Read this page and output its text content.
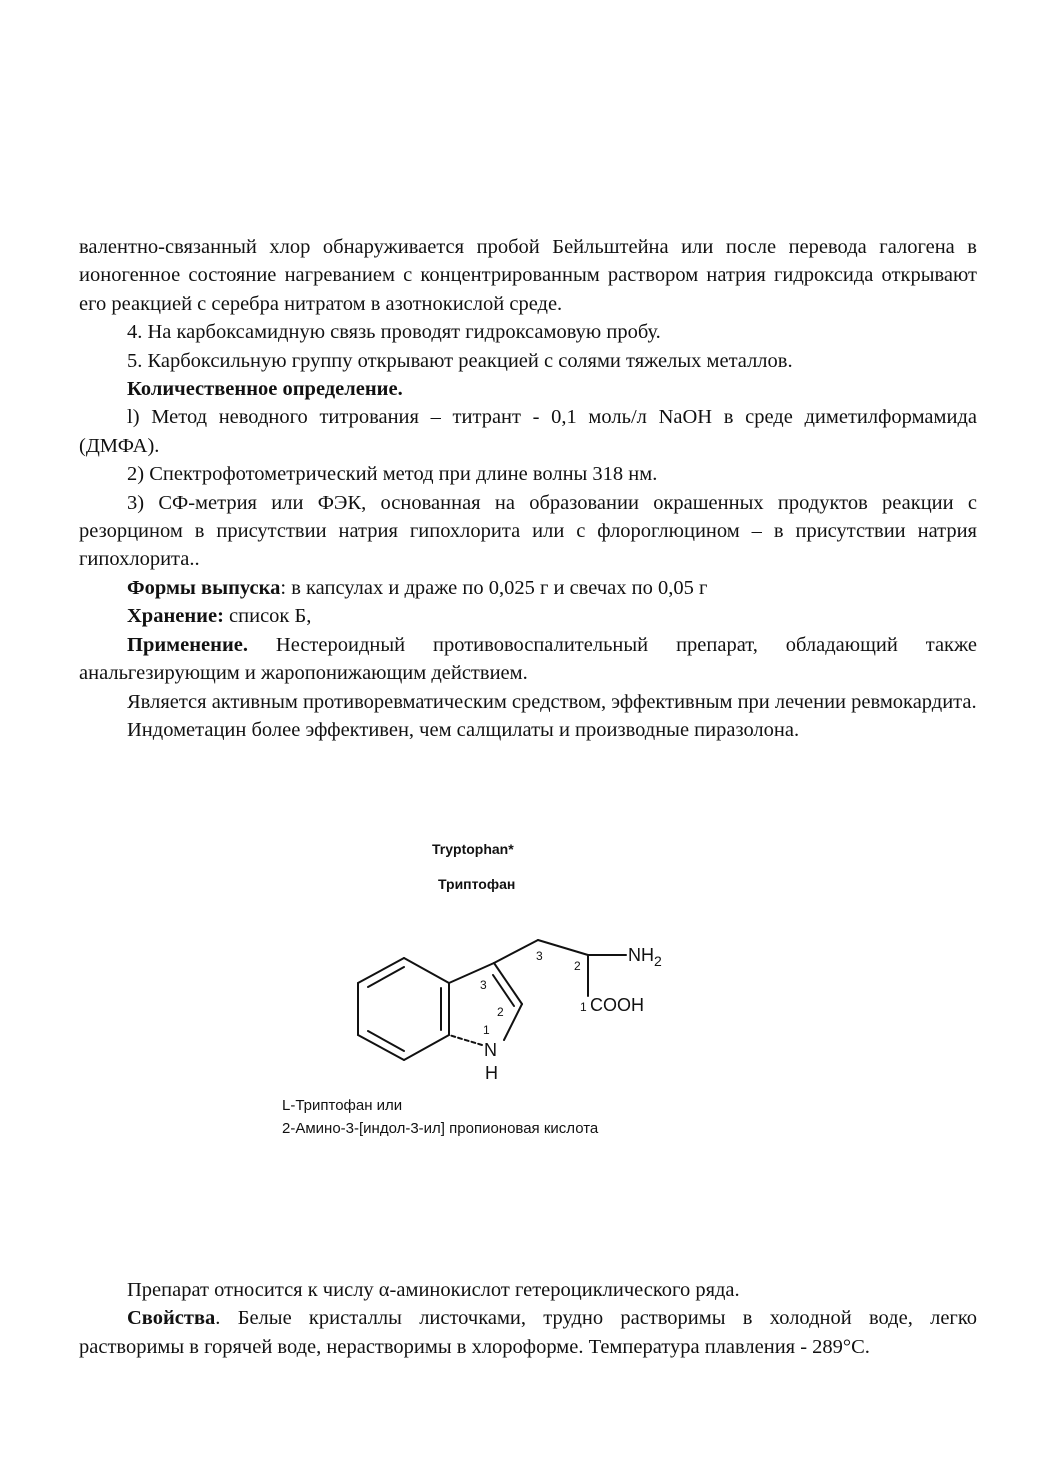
валентно-связанный хлор обнаруживается пробой Бейльштейна или после перевода галогена в ионогенное состояние нагреванием с концентрированным раствором натрия гидроксида открывают его реакцией с серебра нитратом в азотнокислой среде.

4. На карбоксамидную связь проводят гидроксамовую пробу.

5. Карбоксильную группу открывают реакцией с солями тяжелых металлов.

Количественное определение.

l) Метод неводного титрования – титрант - 0,1 моль/л NaOH в среде диметилформамида (ДМФА).

2) Спектрофотометрический метод при длине волны 318 нм.

3) СФ-метрия или ФЭК, основанная на образовании окрашенных продуктов реакции с резорцином в присутствии натрия гипохлорита или с флороглюцином – в присутствии натрия гипохлорита..

Формы выпуска: в капсулах и драже по 0,025 г и свечах по 0,05 г

Хранение: список Б,

Применение. Нестероидный противовоспалительный препарат, обладающий также анальгезирующим и жаропонижающим действием.

Является активным противоревматическим средством, эффективным при лечении ревмокардита.

Индометацин более эффективен, чем салщилаты и производные пиразолона.

Tryptophan*
Триптофан
$NH_2$
COOH
N
H
1
2
3
3
2
1
L-Триптофан или
2-Амино-3-[индол-3-ил] пропионовая кислота

Препарат относится к числу α-аминокислот гетероциклического ряда.

Свойства. Белые кристаллы листочками, трудно растворимы в холодной воде, легко растворимы в горячей воде, нерастворимы в хлороформе. Температура плавления - 289°С.
